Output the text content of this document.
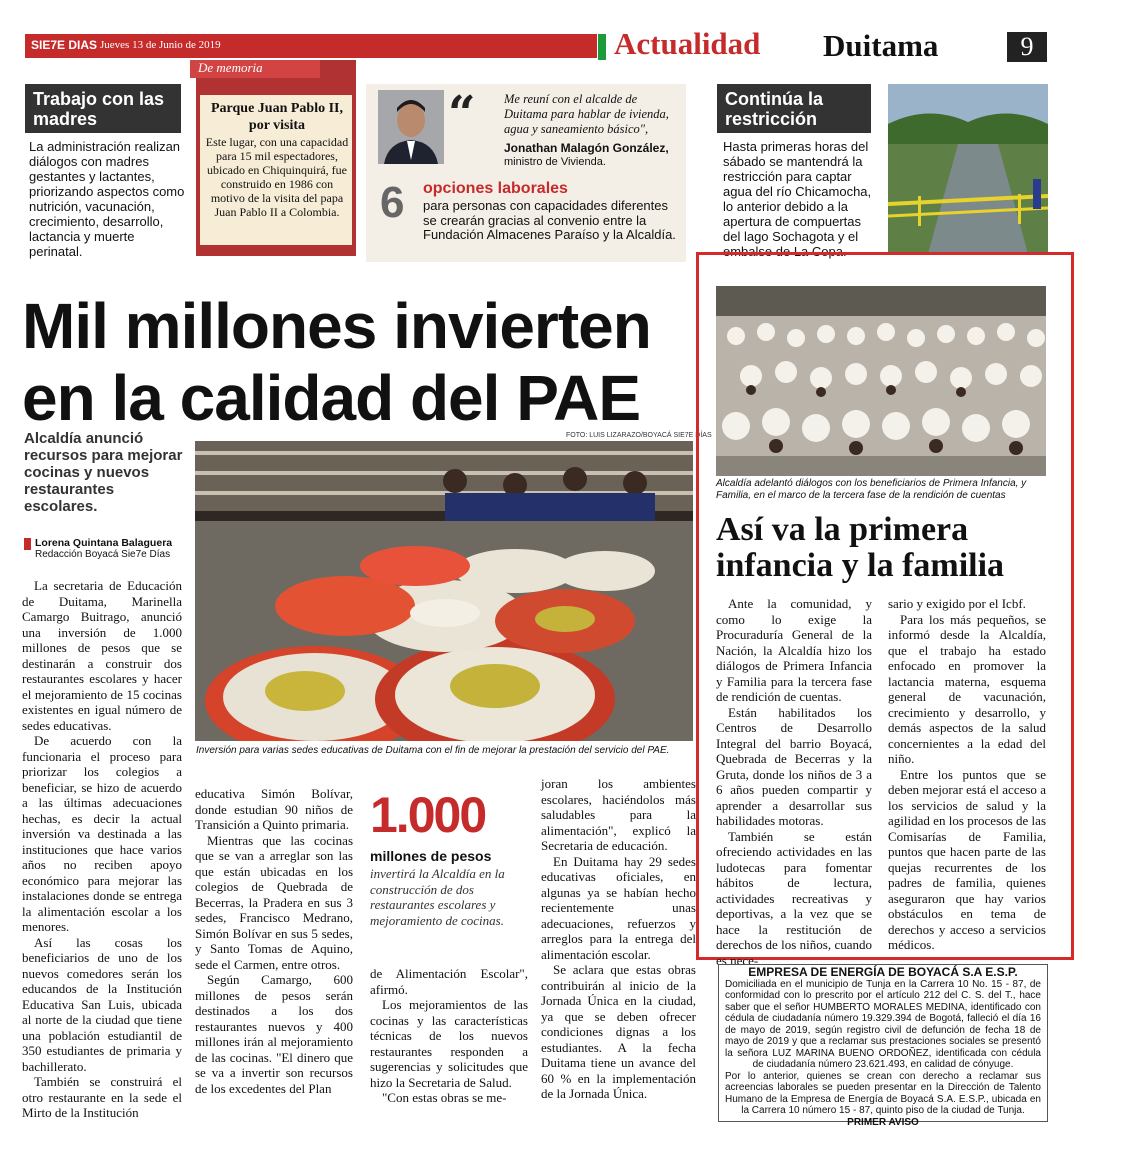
SIE7E DIAS Jueves 13 de Junio de 2019	Actualidad Duitama	9
Trabajo con las madres
La administración realizan diálogos con madres gestantes y lactantes, priorizando aspectos como nutrición, vacunación, crecimiento, desarrollo, lactancia y muerte perinatal.
De memoria
Parque Juan Pablo II, por visita
Este lugar, con una capacidad para 15 mil espectadores, ubicado en Chiquinquirá, fue construido en 1986 con motivo de la visita del papa Juan Pablo II a Colombia.
“ Me reuní con el alcalde de Duitama para hablar de ivienda, agua y saneamiento básico",
Jonathan Malagón González,
ministro de Vivienda.
6 opciones laborales
para personas con capacidades diferentes se crearán gracias al convenio entre la Fundación Almacenes Paraíso y la Alcaldía.
Continúa la restricción
Hasta primeras horas del sábado se mantendrá la restricción para captar agua del río Chicamocha, lo anterior debido a la apertura de compuertas del lago Sochagota y el embalse de La Copa.
Mil millones invierten en la calidad del PAE
Alcaldía anunció recursos para mejorar cocinas y nuevos restaurantes escolares.
Lorena Quintana Balaguera
Redacción Boyacá Sie7e Días
FOTO: LUIS LIZARAZO/BOYACÁ SIE7E DÍAS
Inversión para varias sedes educativas de Duitama con el fin de mejorar la prestación del servicio del PAE.

La secretaria de Educación de Duitama, Marinella Camargo Buitrago, anunció una inversión de 1.000 millones de pesos que se destinarán a construir dos restaurantes escolares y hacer el mejoramiento de 15 cocinas existentes en igual número de sedes educativas.

De acuerdo con la funcionaria el proceso para priorizar los colegios a beneficiar, se hizo de acuerdo a las últimas adecuaciones hechas, es decir la actual inversión va destinada a las instituciones que hace varios años no reciben apoyo económico para mejorar las instalaciones donde se entrega la alimentación escolar a los menores.

Así las cosas los beneficiarios de uno de los nuevos comedores serán los educandos de la Institución Educativa San Luis, ubicada al norte de la ciudad que tiene una población estudiantil de 350 estudiantes de primaria y bachillerato.

También se construirá el otro restaurante en la sede el Mirto de la Institución

educativa Simón Bolívar, donde estudian 90 niños de Transición a Quinto primaria.

Mientras que las cocinas que se van a arreglar son las que están ubicadas en los colegios de Quebrada de Becerras, la Pradera en sus 3 sedes, Francisco Medrano, Simón Bolívar en sus 5 sedes, y Santo Tomas de Aquino, sede el Carmen, entre otros.

Según Camargo, 600 millones de pesos serán destinados a los dos restaurantes nuevos y 400 millones irán al mejoramiento de las cocinas. "El dinero que se va a invertir son recursos de los excedentes del Plan

1.000
millones de pesos
invertirá la Alcaldía en la construcción de dos restaurantes escolares y mejoramiento de cocinas.

de Alimentación Escolar", afirmó.

Los mejoramientos de las cocinas y las características técnicas de los nuevos restaurantes responden a sugerencias y solicitudes que hizo la Secretaria de Salud.

"Con estas obras se me-

joran los ambientes escolares, haciéndolos más saludables para la alimentación", explicó la Secretaria de educación.

En Duitama hay 29 sedes educativas oficiales, en algunas ya se habían hecho recientemente unas adecuaciones, refuerzos y arreglos para la entrega del alimentación escolar.

Se aclara que estas obras contribuirán al inicio de la Jornada Única en la ciudad, ya que se deben ofrecer condiciones dignas a los estudiantes. A la fecha Duitama tiene un avance del 60 % en la implementación de la Jornada Única.

Alcaldía adelantó diálogos con los beneficiarios de Primera Infancia, y Familia, en el marco de la tercera fase de la rendición de cuentas
Así va la primera infancia y la familia

Ante la comunidad, y como lo exige la Procuraduría General de la Nación, la Alcaldía hizo los diálogos de Primera Infancia y Familia para la tercera fase de rendición de cuentas.

Están habilitados los Centros de Desarrollo Integral del barrio Boyacá, Quebrada de Becerras y la Gruta, donde los niños de 3 a 6 años pueden compartir y aprender a desarrollar sus habilidades motoras.

También se están ofreciendo actividades en las ludotecas para fomentar hábitos de lectura, actividades recreativas y deportivas, a la vez que se hace la restitución de derechos de los niños, cuando es nece-

sario y exigido por el Icbf.

Para los más pequeños, se informó desde la Alcaldía, que el trabajo ha estado enfocado en promover la lactancia materna, esquema general de vacunación, crecimiento y desarrollo, y demás aspectos de la salud concernientes a la edad del niño.

Entre los puntos que se deben mejorar está el acceso a los servicios de salud y la agilidad en los procesos de las Comisarías de Familia, puntos que hacen parte de las quejas recurrentes de los padres de familia, quienes aseguraron que hay varios obstáculos en tema de derechos y acceso a servicios médicos.

EMPRESA DE ENERGÍA DE BOYACÁ S.A E.S.P.
Domiciliada en el municipio de Tunja en la Carrera 10 No. 15 - 87, de conformidad con lo prescrito por el artículo 212 del C. S. del T., hace saber que el señor HUMBERTO MORALES MEDINA, identificado con cédula de ciudadanía número 19.329.394 de Bogotá, falleció el día 16 de mayo de 2019, según registro civil de defunción de fecha 18 de mayo de 2019 y que a reclamar sus prestaciones sociales se presentó la señora LUZ MARINA BUENO ORDOÑEZ, identificada con cédula de ciudadanía número 23.621.493, en calidad de cónyuge.
Por lo anterior, quienes se crean con derecho a reclamar sus acreencias laborales se pueden presentar en la Dirección de Talento Humano de la Empresa de Energía de Boyacá S.A. E.S.P., ubicada en la Carrera 10 número 15 - 87, quinto piso de la ciudad de Tunja.
PRIMER AVISO
